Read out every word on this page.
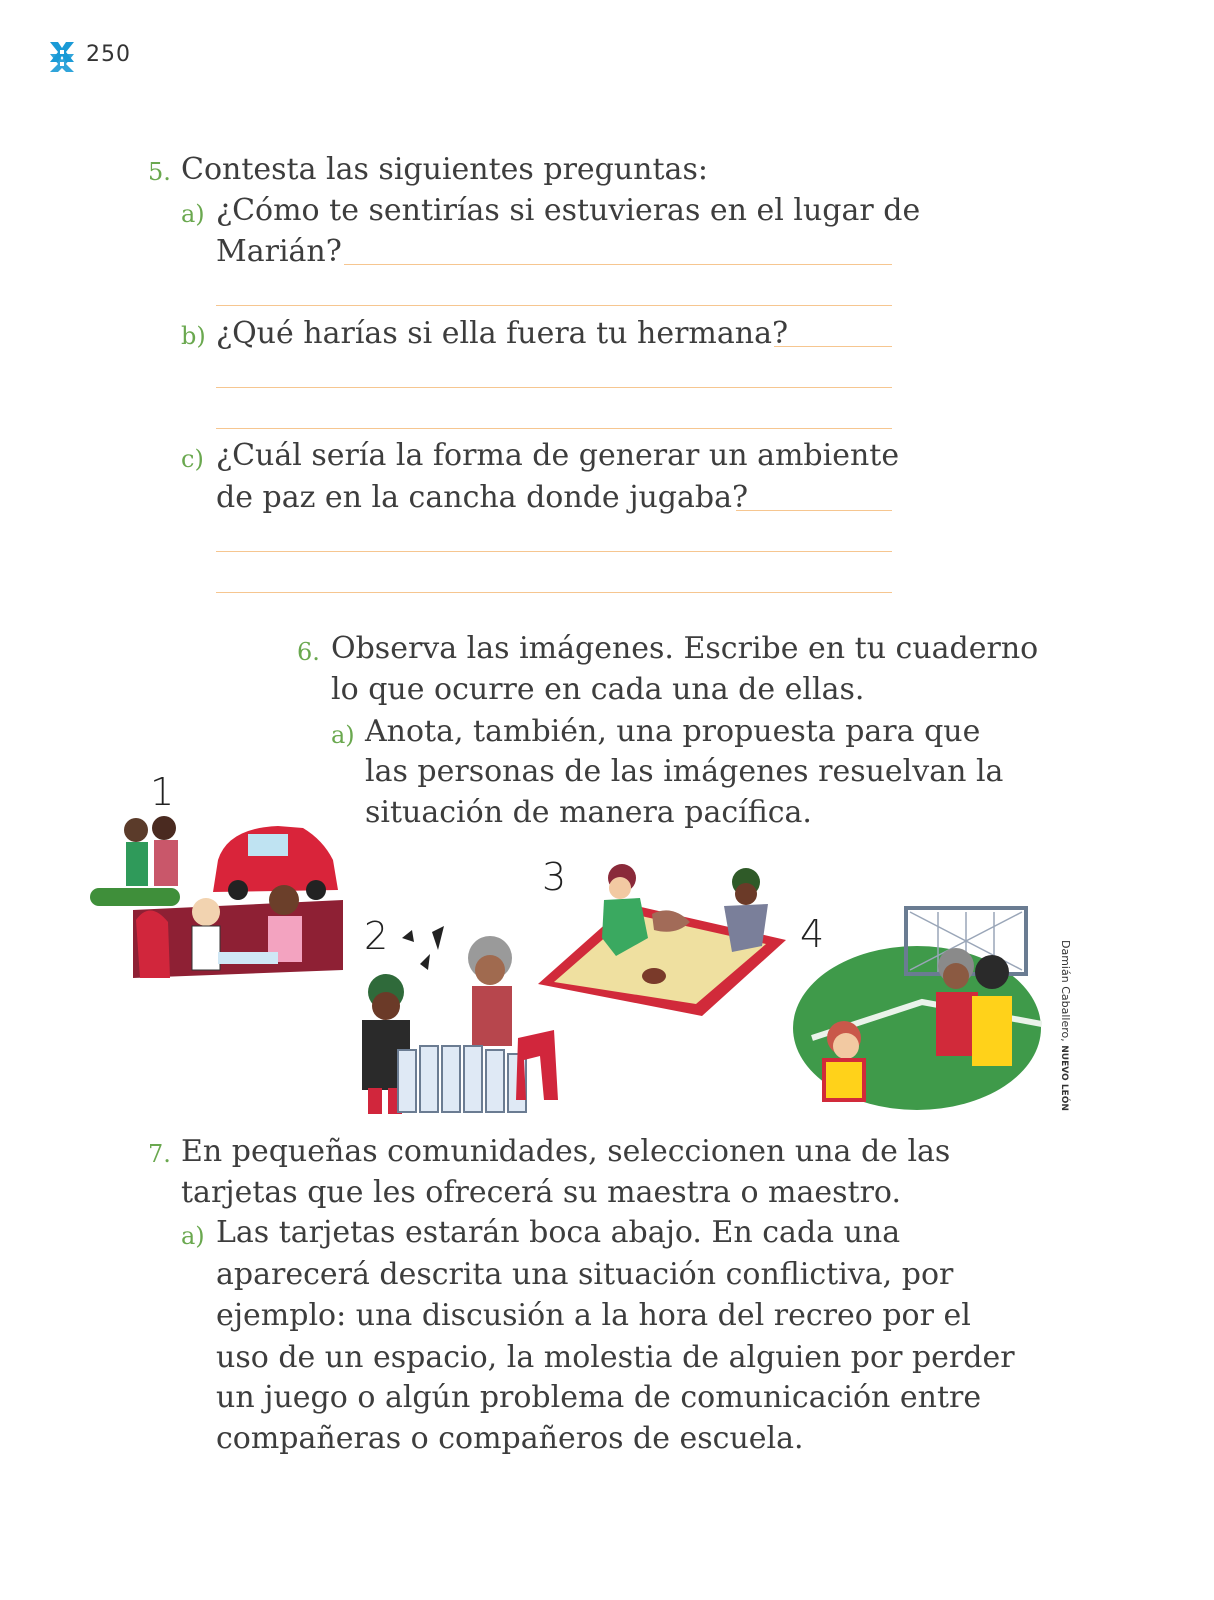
250
5. Contesta las siguientes preguntas:
a) ¿Cómo te sentirías si estuvieras en el lugar de
Marián?
b) ¿Qué harías si ella fuera tu hermana?
c) ¿Cuál sería la forma de generar un ambiente
de paz en la cancha donde jugaba?
6. Observa las imágenes. Escribe en tu cuaderno
lo que ocurre en cada una de ellas.
a) Anota, también, una propuesta para que
las personas de las imágenes resuelvan la
situación de manera pacífica.
1
2
3
4
Damián Caballero, NUEVO LEÓN
7. En pequeñas comunidades, seleccionen una de las
tarjetas que les ofrecerá su maestra o maestro.
a) Las tarjetas estarán boca abajo. En cada una
aparecerá descrita una situación conflictiva, por
ejemplo: una discusión a la hora del recreo por el
uso de un espacio, la molestia de alguien por perder
un juego o algún problema de comunicación entre
compañeras o compañeros de escuela.
